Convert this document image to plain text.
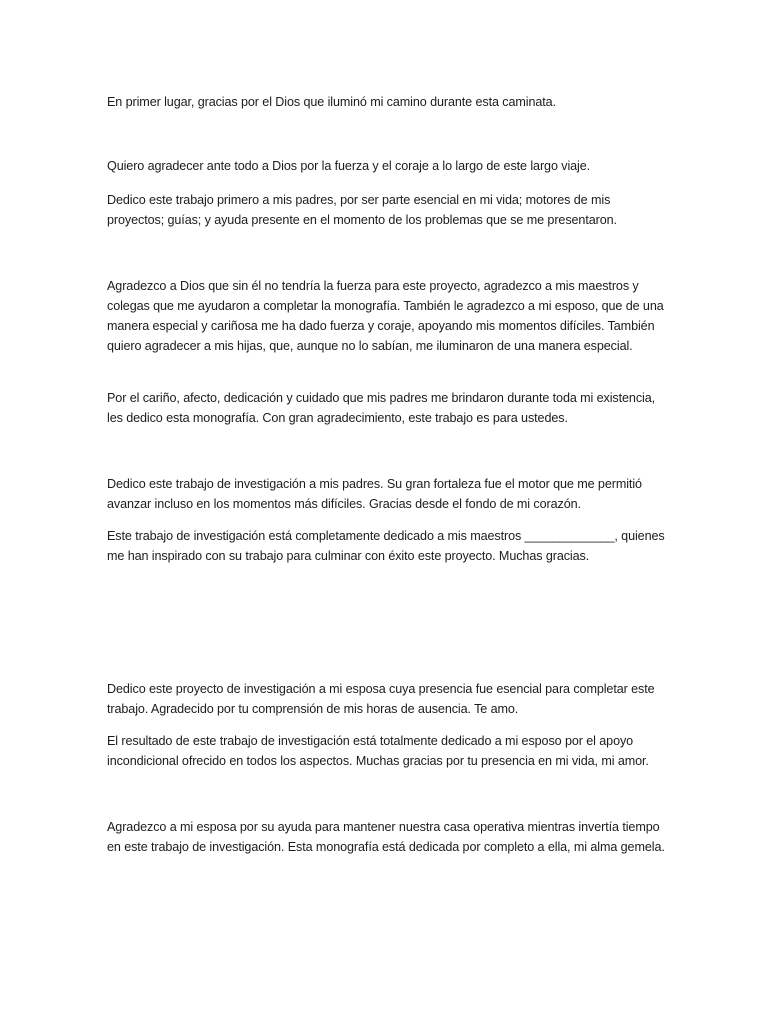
En primer lugar, gracias por el Dios que iluminó mi camino durante esta caminata.

Quiero agradecer ante todo a Dios por la fuerza y el coraje a lo largo de este largo viaje.

Dedico este trabajo primero a mis padres, por ser parte esencial en mi vida; motores de mis proyectos; guías; y ayuda presente en el momento de los problemas que se me presentaron.

Agradezco a Dios que sin él no tendría la fuerza para este proyecto, agradezco a mis maestros y colegas que me ayudaron a completar la monografía. También le agradezco a mi esposo, que de una manera especial y cariñosa me ha dado fuerza y coraje, apoyando mis momentos difíciles. También quiero agradecer a mis hijas, que, aunque no lo sabían, me iluminaron de una manera especial.

Por el cariño, afecto, dedicación y cuidado que mis padres me brindaron durante toda mi existencia, les dedico esta monografía. Con gran agradecimiento, este trabajo es para ustedes.

Dedico este trabajo de investigación a mis padres. Su gran fortaleza fue el motor que me permitió avanzar incluso en los momentos más difíciles. Gracias desde el fondo de mi corazón.

Este trabajo de investigación está completamente dedicado a mis maestros _____________, quienes me han inspirado con su trabajo para culminar con éxito este proyecto. Muchas gracias.

Dedico este proyecto de investigación a mi esposa cuya presencia fue esencial para completar este trabajo. Agradecido por tu comprensión de mis horas de ausencia. Te amo.

El resultado de este trabajo de investigación está totalmente dedicado a mi esposo por el apoyo incondicional ofrecido en todos los aspectos. Muchas gracias por tu presencia en mi vida, mi amor.

Agradezco a mi esposa por su ayuda para mantener nuestra casa operativa mientras invertía tiempo en este trabajo de investigación. Esta monografía está dedicada por completo a ella, mi alma gemela.
